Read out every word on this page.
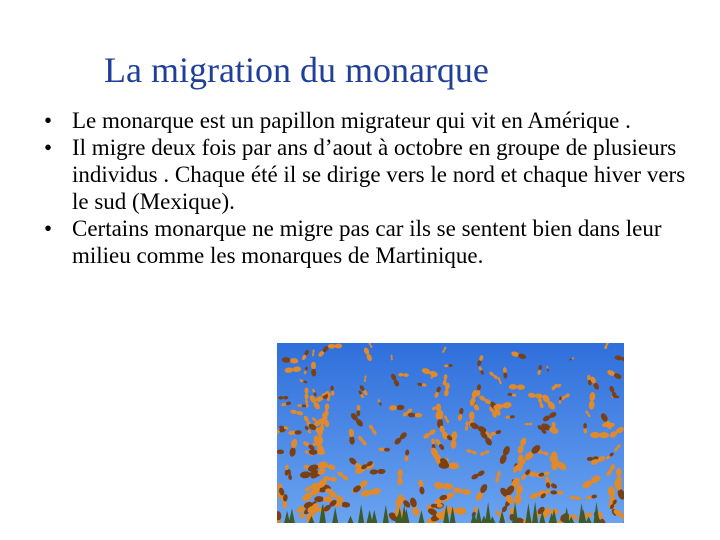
La migration du monarque
• Le monarque est un papillon migrateur qui vit en Amérique .
• Il migre deux fois par ans d’aout à octobre en groupe de plusieurs individus . Chaque été il se dirige vers le nord et chaque hiver vers le sud (Mexique).
• Certains monarque ne migre pas car ils se sentent bien dans leur milieu comme les monarques de Martinique.
